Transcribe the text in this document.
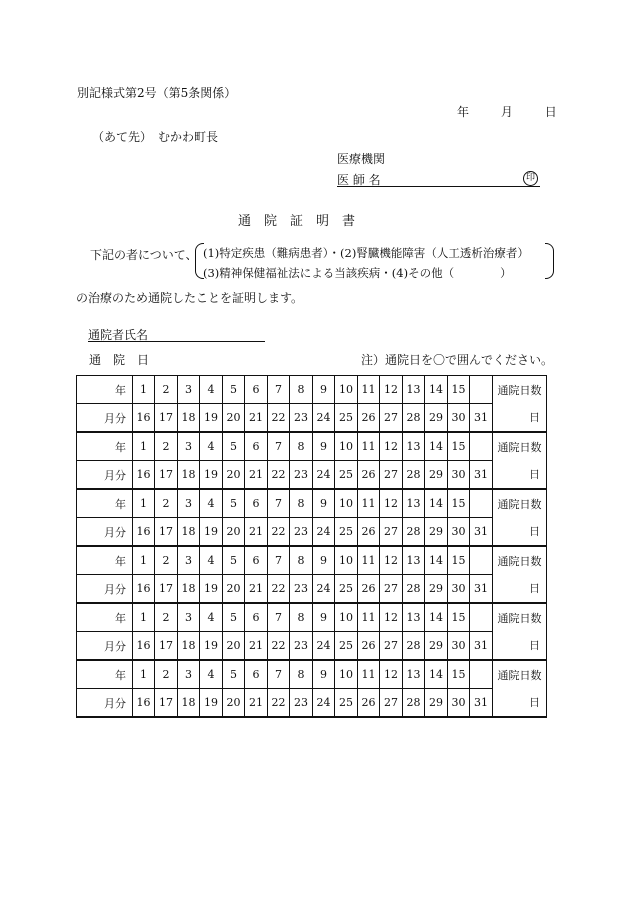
別記様式第2号（第5条関係）
年	月	日
（あて先）　むかわ町長
医療機関
医 師 名	印
通　院　証　明　書
下記の者について、 (1)特定疾患（難病患者）・(2)腎臓機能障害（人工透析治療者）
(3)精神保健福祉法による当該疾病・(4)その他（　　　　）
の治療のため通院したことを証明します。
通院者氏名
通　院　日	注）通院日を〇で囲んでください。
年	1	2	3	4	5	6	7	8	9	10	11	12	13	14	15		通院日数
月分	16	17	18	19	20	21	22	23	24	25	26	27	28	29	30	31	日
年	1	2	3	4	5	6	7	8	9	10	11	12	13	14	15		通院日数
月分	16	17	18	19	20	21	22	23	24	25	26	27	28	29	30	31	日
年	1	2	3	4	5	6	7	8	9	10	11	12	13	14	15		通院日数
月分	16	17	18	19	20	21	22	23	24	25	26	27	28	29	30	31	日
年	1	2	3	4	5	6	7	8	9	10	11	12	13	14	15		通院日数
月分	16	17	18	19	20	21	22	23	24	25	26	27	28	29	30	31	日
年	1	2	3	4	5	6	7	8	9	10	11	12	13	14	15		通院日数
月分	16	17	18	19	20	21	22	23	24	25	26	27	28	29	30	31	日
年	1	2	3	4	5	6	7	8	9	10	11	12	13	14	15		通院日数
月分	16	17	18	19	20	21	22	23	24	25	26	27	28	29	30	31	日
